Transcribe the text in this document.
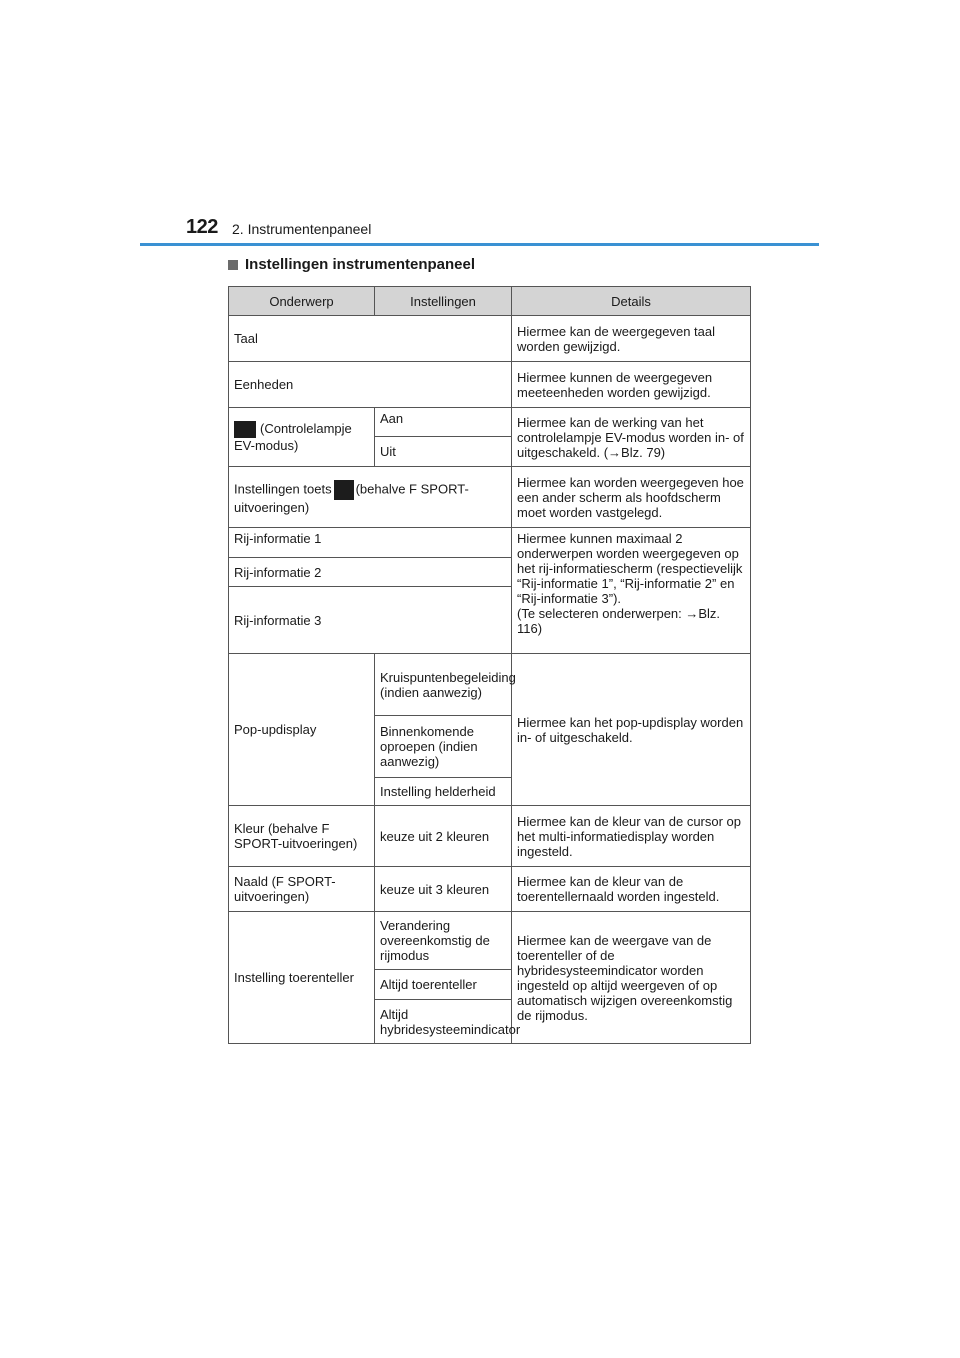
122 2. Instrumentenpaneel
Instellingen instrumentenpaneel
Onderwerp	Instellingen	Details
Taal		Hiermee kan de weergegeven taal worden gewijzigd.
Eenheden		Hiermee kunnen de weergegeven meeteenheden worden gewijzigd.
(Controlelampje EV-modus)	Aan	Hiermee kan de werking van het controlelampje EV-modus worden in- of uitgeschakeld. (→Blz. 79)
	Uit	
Instellingen toets (behalve F SPORT-uitvoeringen)		Hiermee kan worden weergegeven hoe een ander scherm als hoofdscherm moet worden vastgelegd.
Rij-informatie 1		Hiermee kunnen maximaal 2 onderwerpen worden weergegeven op het rij-informatiescherm (respectievelijk “Rij-informatie 1”, “Rij-informatie 2” en “Rij-informatie 3”).
(Te selecteren onderwerpen: →Blz. 116)

Rij-informatie 2		
Rij-informatie 3		
Pop-updisplay	Kruispuntenbegeleiding (indien aanwezig)	Hiermee kan het pop-updisplay worden in- of uitgeschakeld.
	Binnenkomende oproepen (indien aanwezig)	
	Instelling helderheid	
Kleur (behalve F SPORT-uitvoeringen)	keuze uit 2 kleuren	Hiermee kan de kleur van de cursor op het multi-informatiedisplay worden ingesteld.
Naald (F SPORT-uitvoeringen)	keuze uit 3 kleuren	Hiermee kan de kleur van de toerentellernaald worden ingesteld.
Instelling toerenteller	Verandering overeenkomstig de rijmodus	Hiermee kan de weergave van de toerenteller of de hybridesysteemindicator worden ingesteld op altijd weergeven of op automatisch wijzigen overeenkomstig de rijmodus.
	Altijd toerenteller	
	Altijd hybridesysteemindicator	
